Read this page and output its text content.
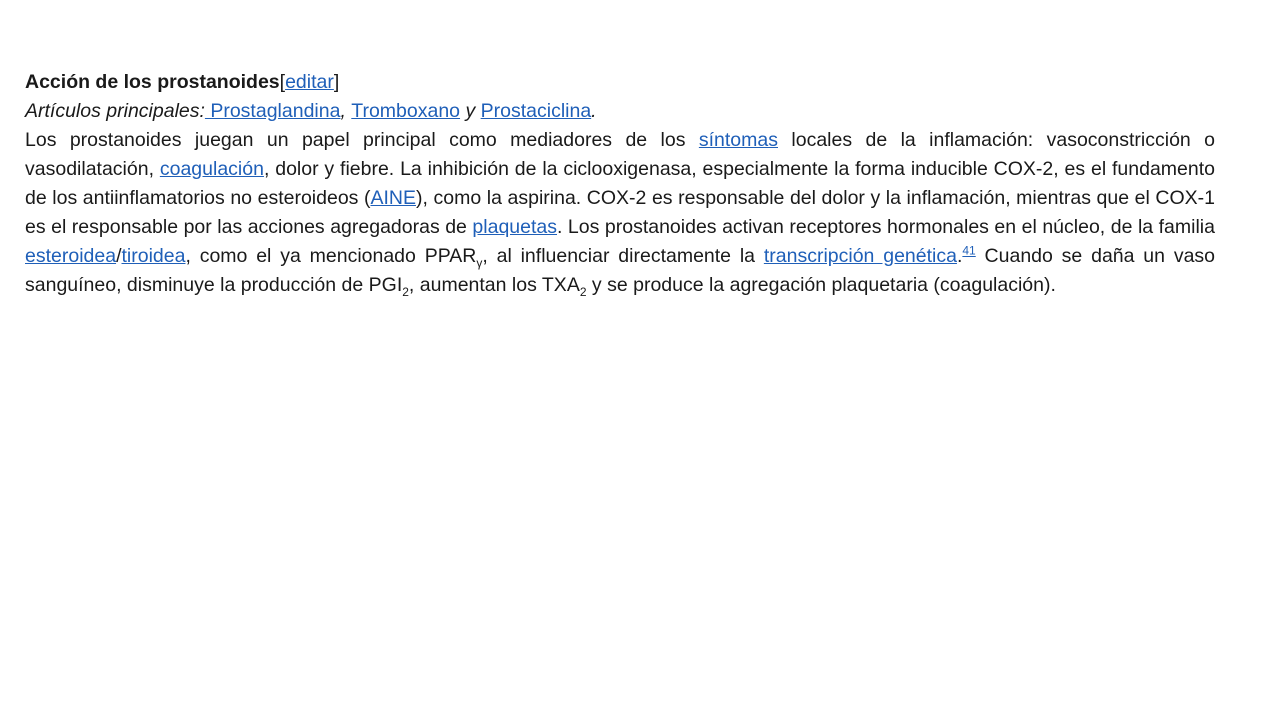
Acción de los prostanoides[editar]
Artículos principales: Prostaglandina, Tromboxano y Prostaciclina.

Los prostanoides juegan un papel principal como mediadores de los síntomas locales de la inflamación: vasoconstricción o vasodilatación, coagulación, dolor y fiebre. La inhibición de la ciclooxigenasa, especialmente la forma inducible COX-2, es el fundamento de los antiinflamatorios no esteroideos (AINE), como la aspirina. COX-2 es responsable del dolor y la inflamación, mientras que el COX-1 es el responsable por las acciones agregadoras de plaquetas. Los prostanoides activan receptores hormonales en el núcleo, de la familia esteroidea/tiroidea, como el ya mencionado $PPAR_\gamma$, al influenciar directamente la transcripción genética.$^{41}$ Cuando se daña un vaso sanguíneo, disminuye la producción de $PGI_2$, aumentan los $TXA_2$ y se produce la agregación plaquetaria (coagulación).
